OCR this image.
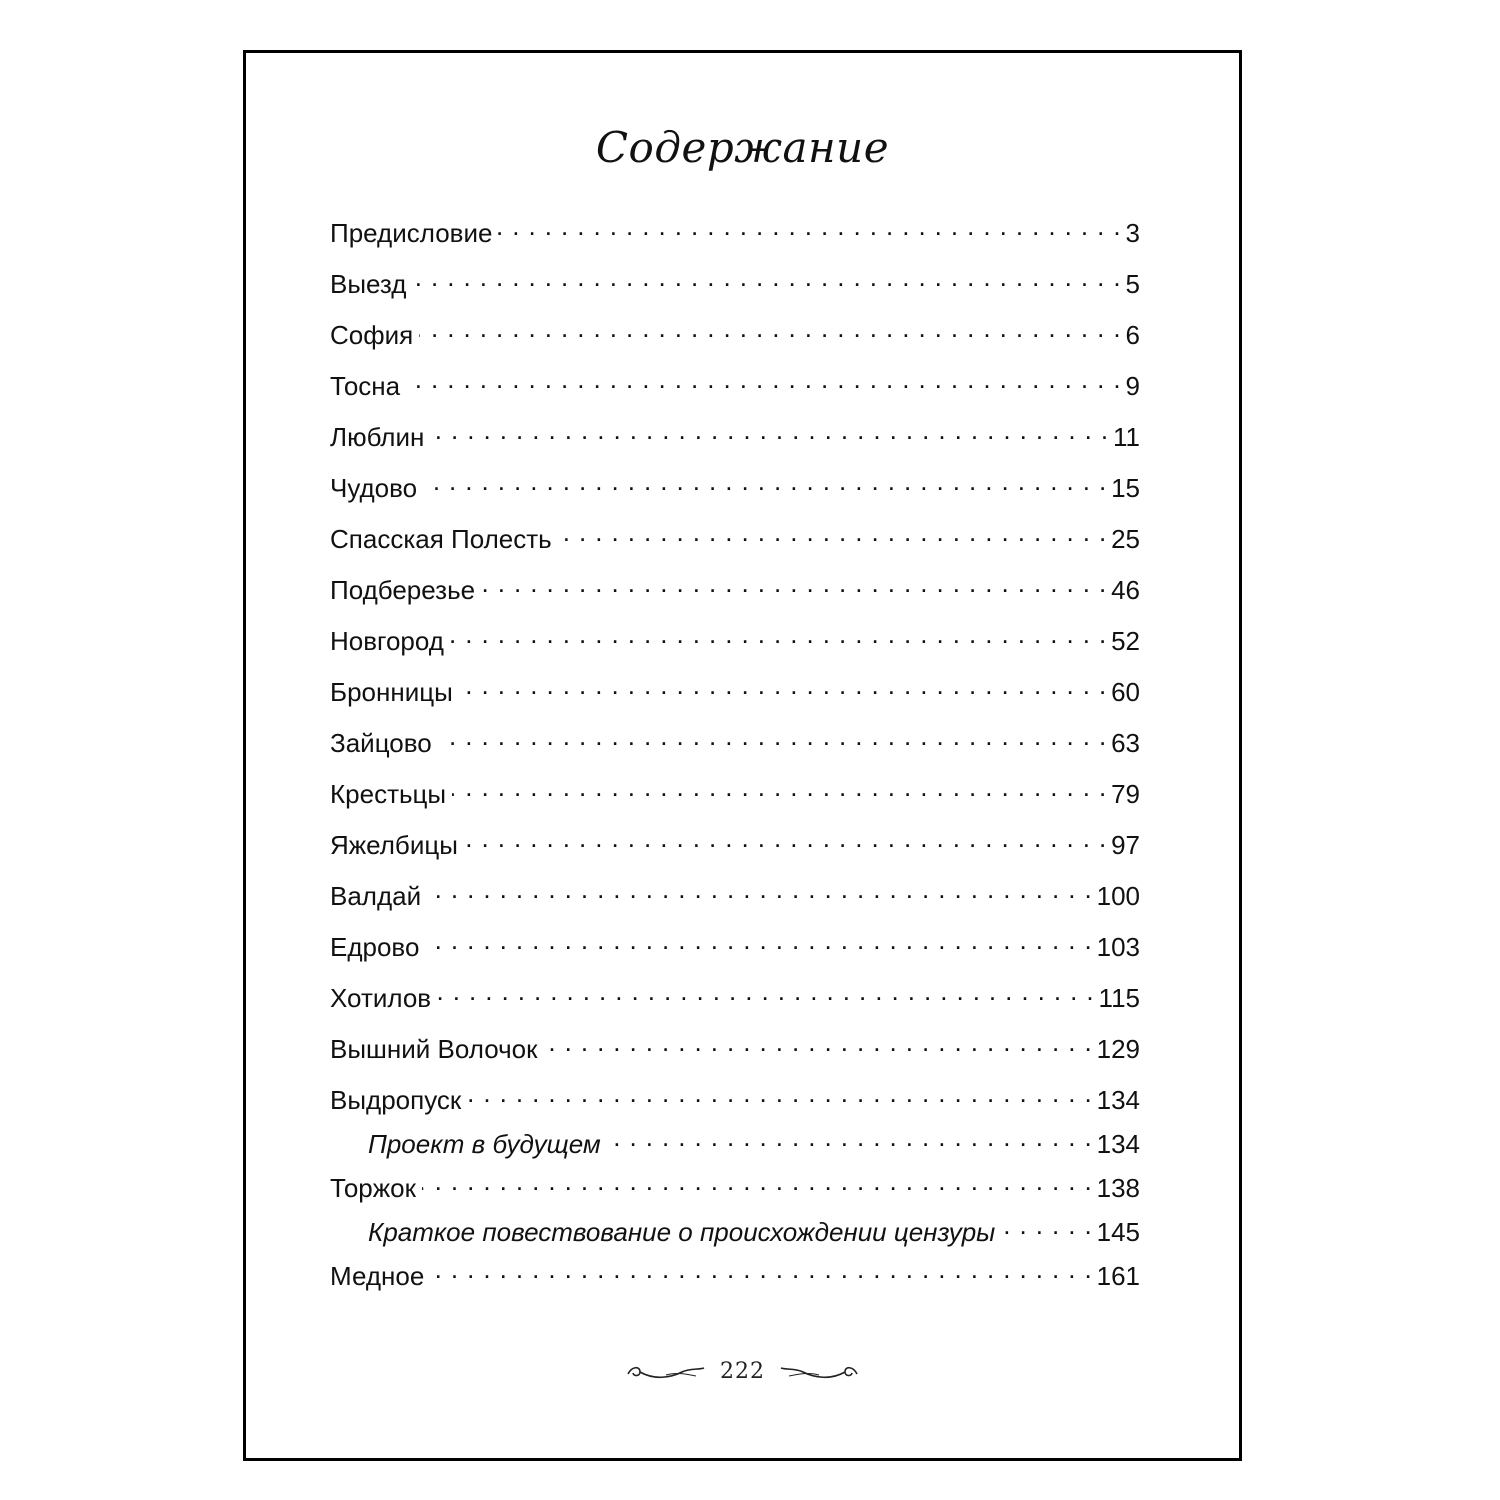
Содержание
Предисловие . . .	3
Выезд . . .	5
София . . .	6
Тосна . . .	9
Люблин . . .	11
Чудово . . .	15
Спасская Полесть . . .	25
Подберезье . . .	46
Новгород . . .	52
Бронницы . . .	60
Зайцово . . .	63
Крестьцы . . .	79
Яжелбицы . . .	97
Валдай . . .	100
Едрово . . .	103
Хотилов . . .	115
Вышний Волочок . . .	129
Выдропуск . . .	134
Проект в будущем . . .	134
Торжок . . .	138
Краткое повествование о происхождении цензуры . . .	145
Медное . . .	161
222
